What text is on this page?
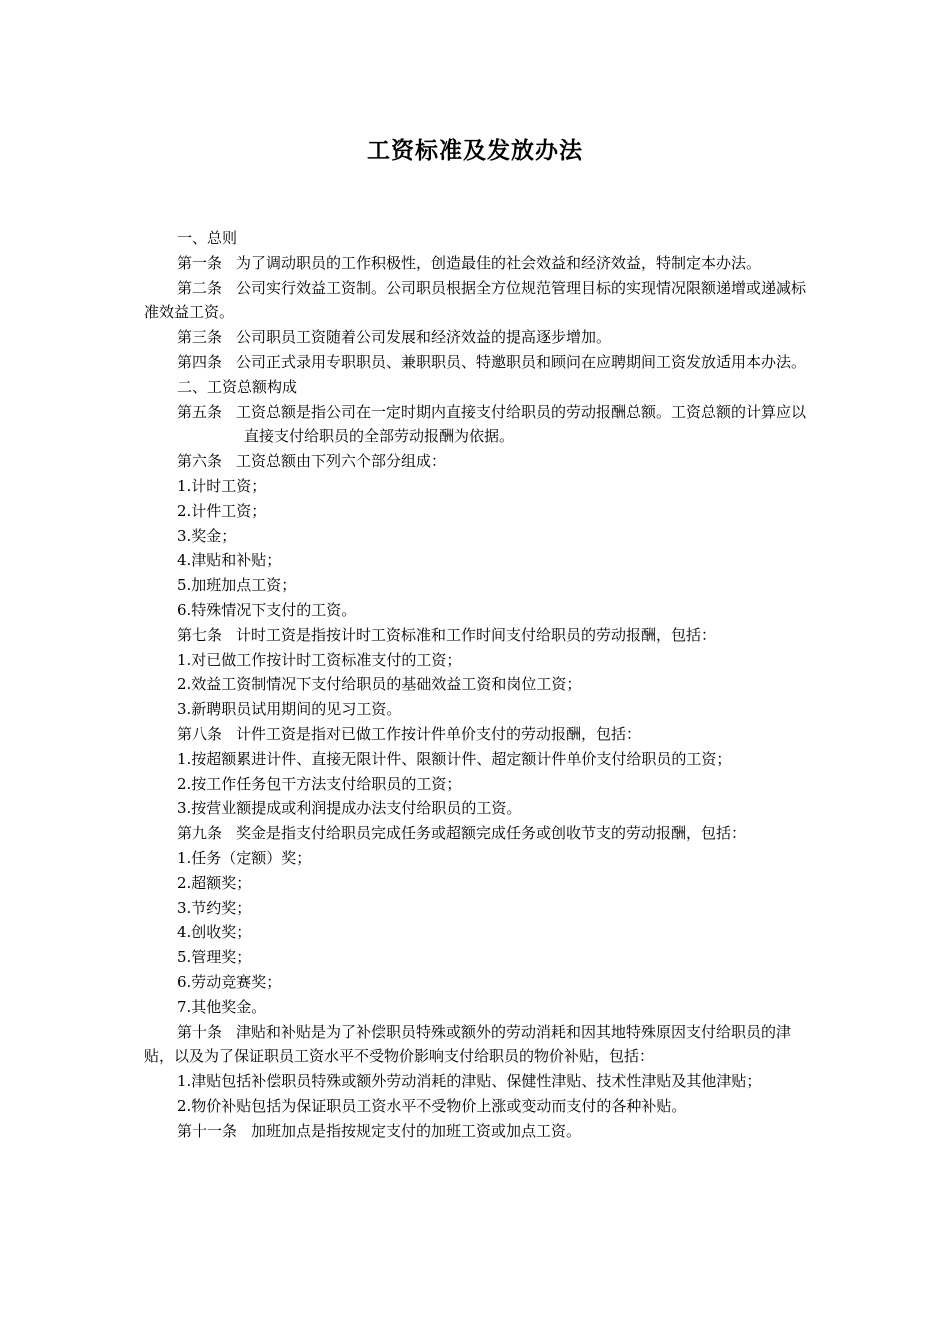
工资标准及发放办法
一、总则
第一条 为了调动职员的工作积极性，创造最佳的社会效益和经济效益，特制定本办法。
第二条 公司实行效益工资制。公司职员根据全方位规范管理目标的实现情况限额递增或递减标准效益工资。
第三条 公司职员工资随着公司发展和经济效益的提高逐步增加。
第四条 公司正式录用专职职员、兼职职员、特邀职员和顾问在应聘期间工资发放适用本办法。
二、工资总额构成
第五条 工资总额是指公司在一定时期内直接支付给职员的劳动报酬总额。工资总额的计算应以直接支付给职员的全部劳动报酬为依据。
第六条 工资总额由下列六个部分组成：
1.计时工资；
2.计件工资；
3.奖金；
4.津贴和补贴；
5.加班加点工资；
6.特殊情况下支付的工资。
第七条 计时工资是指按计时工资标准和工作时间支付给职员的劳动报酬，包括：
1.对已做工作按计时工资标准支付的工资；
2.效益工资制情况下支付给职员的基础效益工资和岗位工资；
3.新聘职员试用期间的见习工资。
第八条 计件工资是指对已做工作按计件单价支付的劳动报酬，包括：
1.按超额累进计件、直接无限计件、限额计件、超定额计件单价支付给职员的工资；
2.按工作任务包干方法支付给职员的工资；
3.按营业额提成或利润提成办法支付给职员的工资。
第九条 奖金是指支付给职员完成任务或超额完成任务或创收节支的劳动报酬，包括：
1.任务（定额）奖；
2.超额奖；
3.节约奖；
4.创收奖；
5.管理奖；
6.劳动竞赛奖；
7.其他奖金。
第十条 津贴和补贴是为了补偿职员特殊或额外的劳动消耗和因其地特殊原因支付给职员的津贴，以及为了保证职员工资水平不受物价影响支付给职员的物价补贴，包括：
1.津贴包括补偿职员特殊或额外劳动消耗的津贴、保健性津贴、技术性津贴及其他津贴；
2.物价补贴包括为保证职员工资水平不受物价上涨或变动而支付的各种补贴。
第十一条 加班加点是指按规定支付的加班工资或加点工资。
